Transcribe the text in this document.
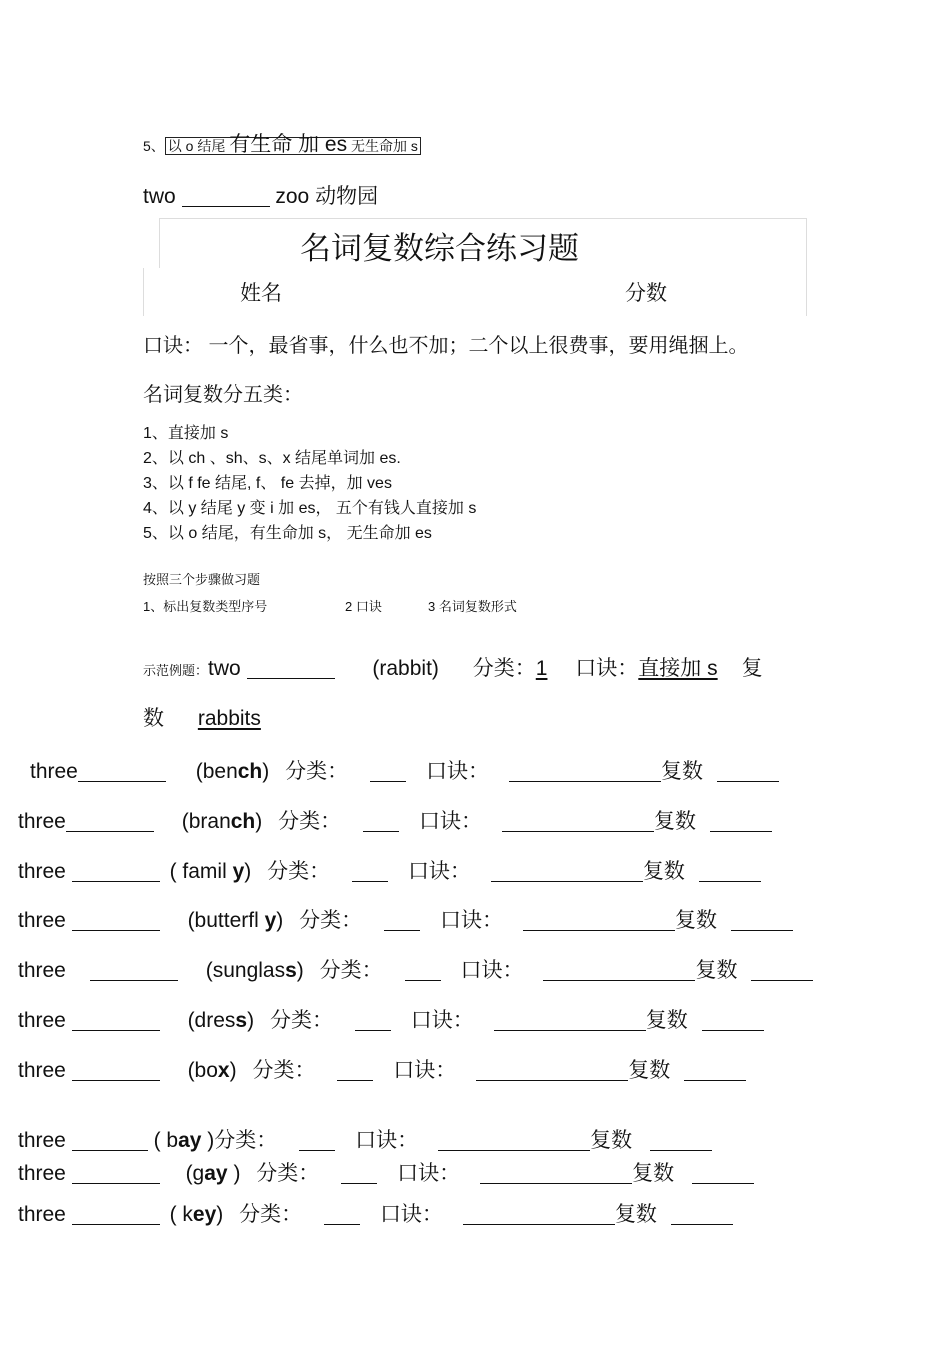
5、 以 o 结尾 有生命 加 es 无生命加 s
two	zoo 动物园
名词复数综合练习题
姓名	分数
口诀： 一个，最省事，什么也不加；二个以上很费事，要用绳捆上。
名词复数分五类：
1、直接加 s
2、以 ch 、sh、s、x 结尾单词加 es.
3、以 f fe 结尾, f、 fe 去掉，加 ves
4、以 y 结尾 y 变 i 加 es， 五个有钱人直接加 s
5、以 o 结尾，有生命加 s， 无生命加 es
按照三个步骤做习题
1、标出复数类型序号	2 口诀	3 名词复数形式
示范例题：two	(rabbit) 分类：1 口诀：直接加 s 复
数 rabbits
three	(bench) 分类：	口诀：	复数
three	(branch) 分类：	口诀：	复数
three	( famil y) 分类：	口诀：	复数
three	(butterfl y) 分类：	口诀：	复数
three	(sunglass) 分类：	口诀：	复数
three	(dress) 分类：	口诀：	复数
three	(box) 分类：	口诀：	复数
three	( bay )分类：	口诀：	复数
three	(gay ) 分类：	口诀：	复数
three	( key) 分类：	口诀：	复数
